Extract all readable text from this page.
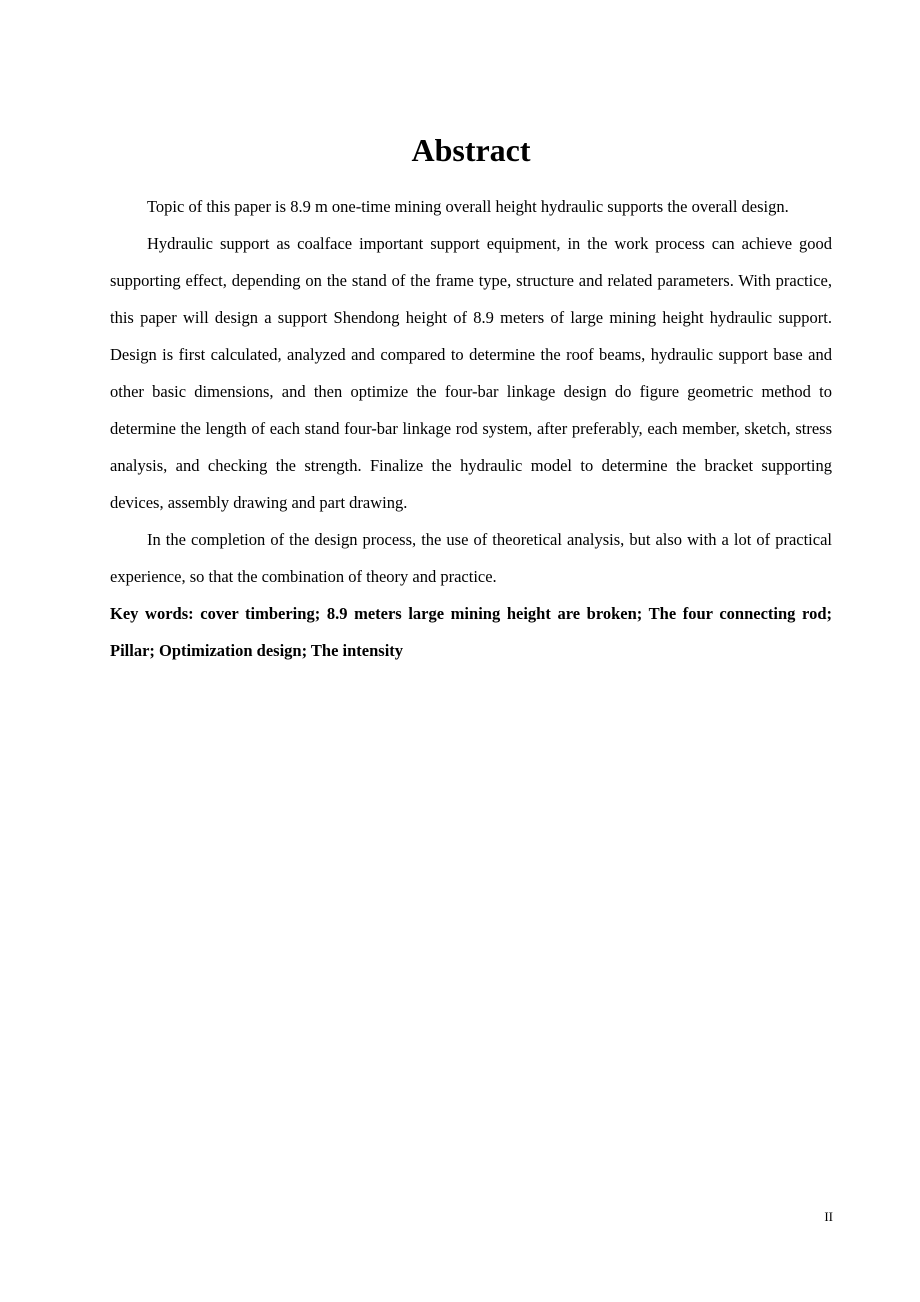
Abstract

Topic of this paper is 8.9 m one-time mining overall height hydraulic supports the overall design.

Hydraulic support as coalface important support equipment, in the work process can achieve good supporting effect, depending on the stand of the frame type, structure and related parameters. With practice, this paper will design a support Shendong height of 8.9 meters of large mining height hydraulic support. Design is first calculated, analyzed and compared to determine the roof beams, hydraulic support base and other basic dimensions, and then optimize the four-bar linkage design do figure geometric method to determine the length of each stand four-bar linkage rod system, after preferably, each member, sketch, stress analysis, and checking the strength. Finalize the hydraulic model to determine the bracket supporting devices, assembly drawing and part drawing.

In the completion of the design process, the use of theoretical analysis, but also with a lot of practical experience, so that the combination of theory and practice.

Key words: cover timbering; 8.9 meters large mining height are broken; The four connecting rod; Pillar; Optimization design; The intensity

II
